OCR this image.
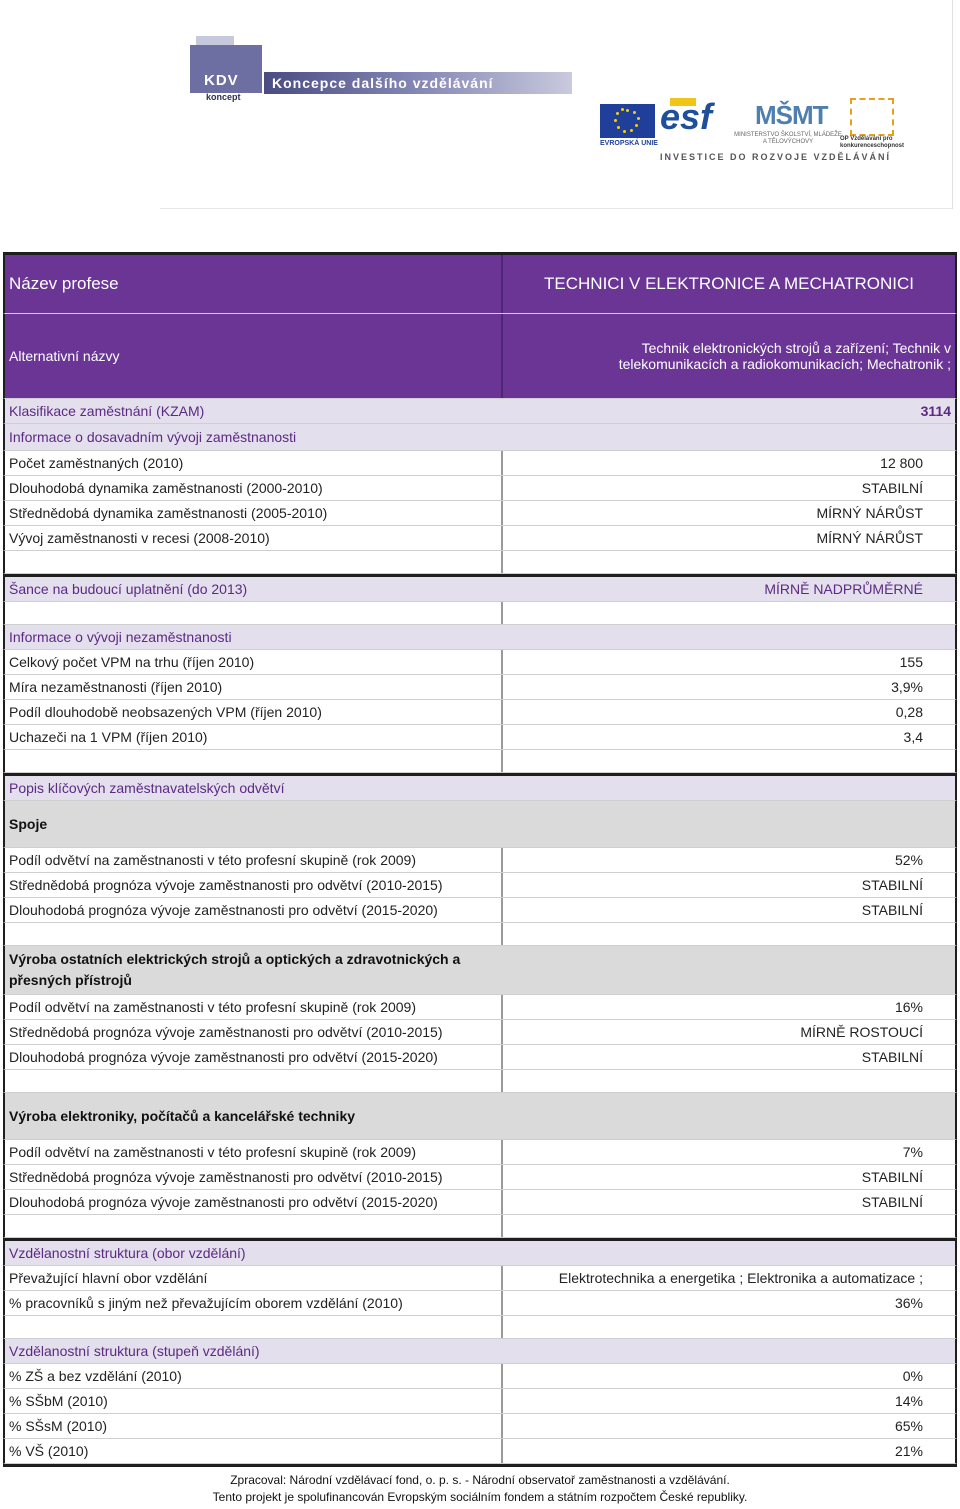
KDV
koncept
Koncepce dalšího vzdělávání
EVROPSKÁ UNIE
esf MŠMT
MINISTERSTVO ŠKOLSTVÍ, MLÁDEŽE A TĚLOVÝCHOVY	OP Vzdělávání pro konkurenceschopnost
INVESTICE DO ROZVOJE VZDĚLÁVÁNÍ
Název profese	TECHNICI V ELEKTRONICE A MECHATRONICI
Alternativní názvy	Technik elektronických strojů a zařízení; Technik v telekomunikacích a radiokomunikacích; Mechatronik ;
Klasifikace zaměstnání (KZAM)	3114
Informace o dosavadním vývoji zaměstnanosti
Počet zaměstnaných (2010)	12 800
Dlouhodobá dynamika zaměstnanosti (2000-2010)	STABILNÍ
Střednědobá dynamika zaměstnanosti (2005-2010)	MÍRNÝ NÁRŮST
Vývoj zaměstnanosti v recesi (2008-2010)	MÍRNÝ NÁRŮST
Šance na budoucí uplatnění (do 2013)	MÍRNĚ NADPRŮMĚRNÉ
Informace o vývoji nezaměstnanosti
Celkový počet VPM na trhu (říjen 2010)	155
Míra nezaměstnanosti (říjen 2010)	3,9%
Podíl dlouhodobě neobsazených VPM (říjen 2010)	0,28
Uchazeči na 1 VPM (říjen 2010)	3,4
Popis klíčových zaměstnavatelských odvětví
Spoje
Podíl odvětví na zaměstnanosti v této profesní skupině (rok 2009)	52%
Střednědobá prognóza vývoje zaměstnanosti pro odvětví (2010-2015)	STABILNÍ
Dlouhodobá prognóza vývoje zaměstnanosti pro odvětví (2015-2020)	STABILNÍ
Výroba ostatních elektrických strojů a optických a zdravotnických a přesných přístrojů
Podíl odvětví na zaměstnanosti v této profesní skupině (rok 2009)	16%
Střednědobá prognóza vývoje zaměstnanosti pro odvětví (2010-2015)	MÍRNĚ ROSTOUCÍ
Dlouhodobá prognóza vývoje zaměstnanosti pro odvětví (2015-2020)	STABILNÍ
Výroba elektroniky, počítačů a kancelářské techniky
Podíl odvětví na zaměstnanosti v této profesní skupině (rok 2009)	7%
Střednědobá prognóza vývoje zaměstnanosti pro odvětví (2010-2015)	STABILNÍ
Dlouhodobá prognóza vývoje zaměstnanosti pro odvětví (2015-2020)	STABILNÍ
Vzdělanostní struktura (obor vzdělání)
Převažující hlavní obor vzdělání	Elektrotechnika a energetika ; Elektronika a automatizace ;
% pracovníků s jiným než převažujícím oborem vzdělání (2010)	36%
Vzdělanostní struktura (stupeň vzdělání)
% ZŠ a bez vzdělání (2010)	0%
% SŠbM (2010)	14%
% SŠsM (2010)	65%
% VŠ (2010)	21%
Zpracoval: Národní vzdělávací fond, o. p. s. - Národní observatoř zaměstnanosti a vzdělávání.
Tento projekt je spolufinancován Evropským sociálním fondem a státním rozpočtem České republiky.
